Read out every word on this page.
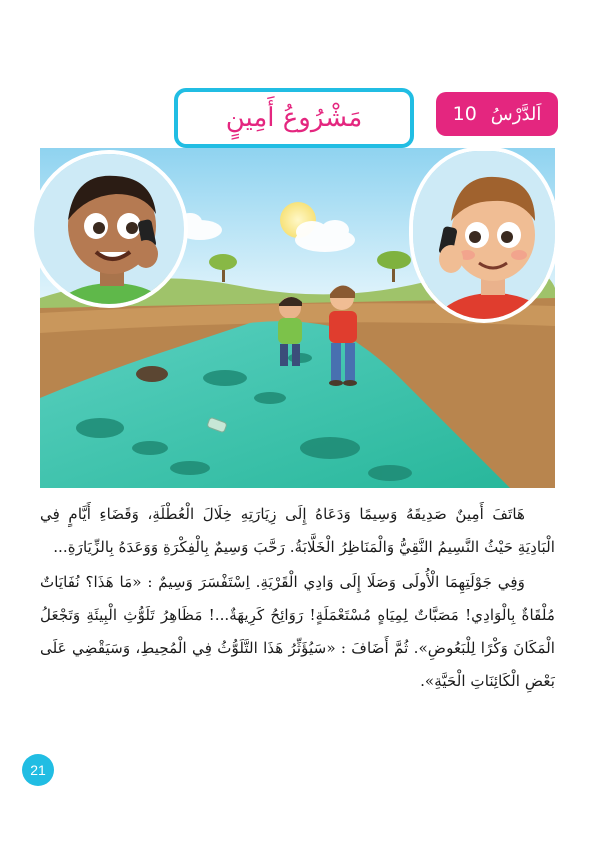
اَلدَّرْسُ
10
مَشْرُوعُ أَمِينٍ

هَاتَفَ أَمِينٌ صَدِيقَهُ وَسِيمًا وَدَعَاهُ إِلَى زِيَارَتِهِ خِلَالَ الْعُطْلَةِ، وَقَضَاءِ أَيَّامٍ فِي الْبَادِيَةِ حَيْثُ النَّسِيمُ النَّقِيُّ وَالْمَنَاظِرُ الْخَلَّابَةُ. رَحَّبَ وَسِيمٌ بِالْفِكْرَةِ وَوَعَدَهُ بِالزِّيَارَةِ...

وَفِي جَوْلَتِهِمَا الْأُولَى وَصَلَا إِلَى وَادِي الْقَرْيَةِ. اِسْتَفْسَرَ وَسِيمٌ : «مَا هَذَا؟ نُفَايَاتٌ مُلْقَاةٌ بِالْوَادِي! مَصَبَّاتٌ لِمِيَاهٍ مُسْتَعْمَلَةٍ! رَوَائِحُ كَرِيهَةٌ...! مَظَاهِرُ تَلَوُّثِ الْبِيئَةِ وَتَجْعَلُ الْمَكَانَ وَكْرًا لِلْبَعُوضِ». ثُمَّ أَضَافَ : «سَيُؤَثِّرُ هَذَا التَّلَوُّثُ فِي الْمُحِيطِ، وَسَيَقْضِي عَلَى بَعْضِ الْكَائِنَاتِ الْحَيَّةِ».

21
